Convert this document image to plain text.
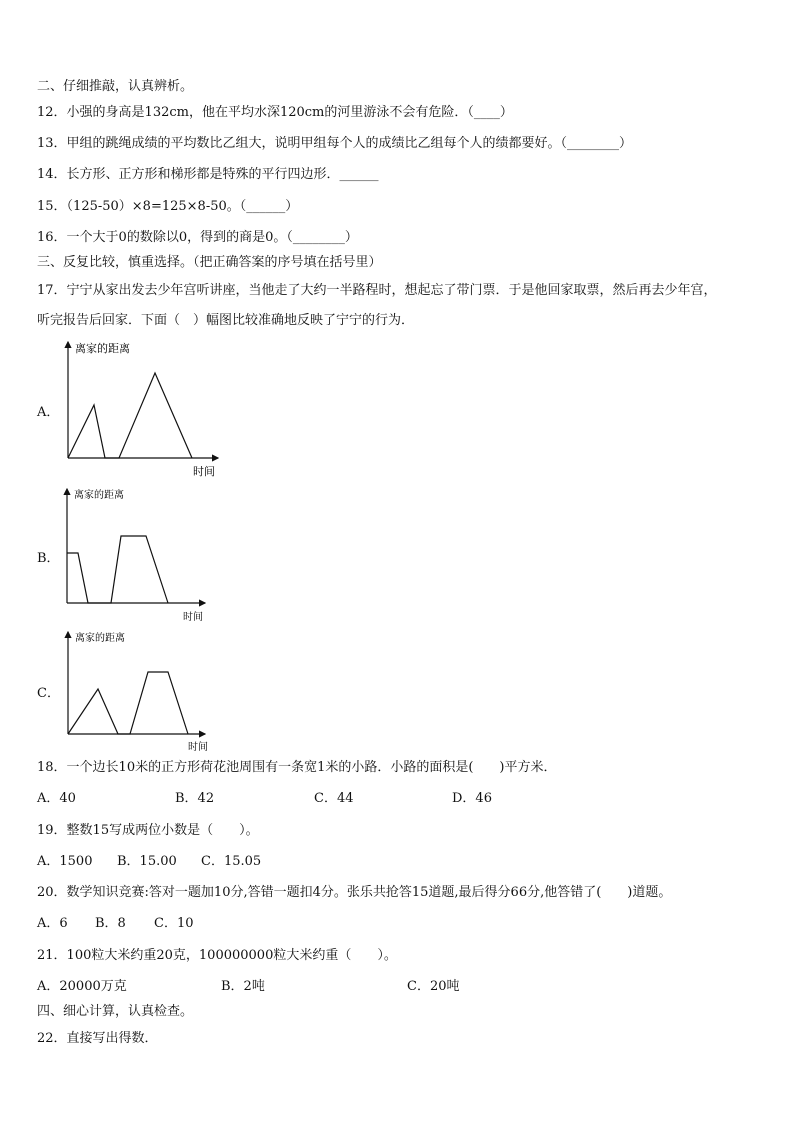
二、仔细推敲，认真辨析。
12．小强的身高是132cm，他在平均水深120cm的河里游泳不会有危险．（____）
13．甲组的跳绳成绩的平均数比乙组大，说明甲组每个人的成绩比乙组每个人的绩都要好。（________）
14．长方形、正方形和梯形都是特殊的平行四边形．______
15．（125-50）×8=125×8-50。（______）
16．一个大于0的数除以0，得到的商是0。（________）
三、反复比较，慎重选择。（把正确答案的序号填在括号里）
17．宁宁从家出发去少年宫听讲座，当他走了大约一半路程时，想起忘了带门票．于是他回家取票，然后再去少年宫，
听完报告后回家．下面（　）幅图比较准确地反映了宁宁的行为．
A．
离家的距离
时间
B．
离家的距离
时间
C．
离家的距离
时间
18．一个边长10米的正方形荷花池周围有一条宽1米的小路．小路的面积是(　　)平方米．
A．40	B．42	C．44	D．46
19．整数15写成两位小数是（　　）。
A．1500 B．15.00 C．15.05
20．数学知识竞赛:答对一题加10分,答错一题扣4分。张乐共抢答15道题,最后得分66分,他答错了(　　)道题。
A．6 B．8 C．10
21．100粒大米约重20克，100000000粒大米约重（　　）。
A．20000万克	B．2吨	C．20吨
四、细心计算，认真检查。
22．直接写出得数．
